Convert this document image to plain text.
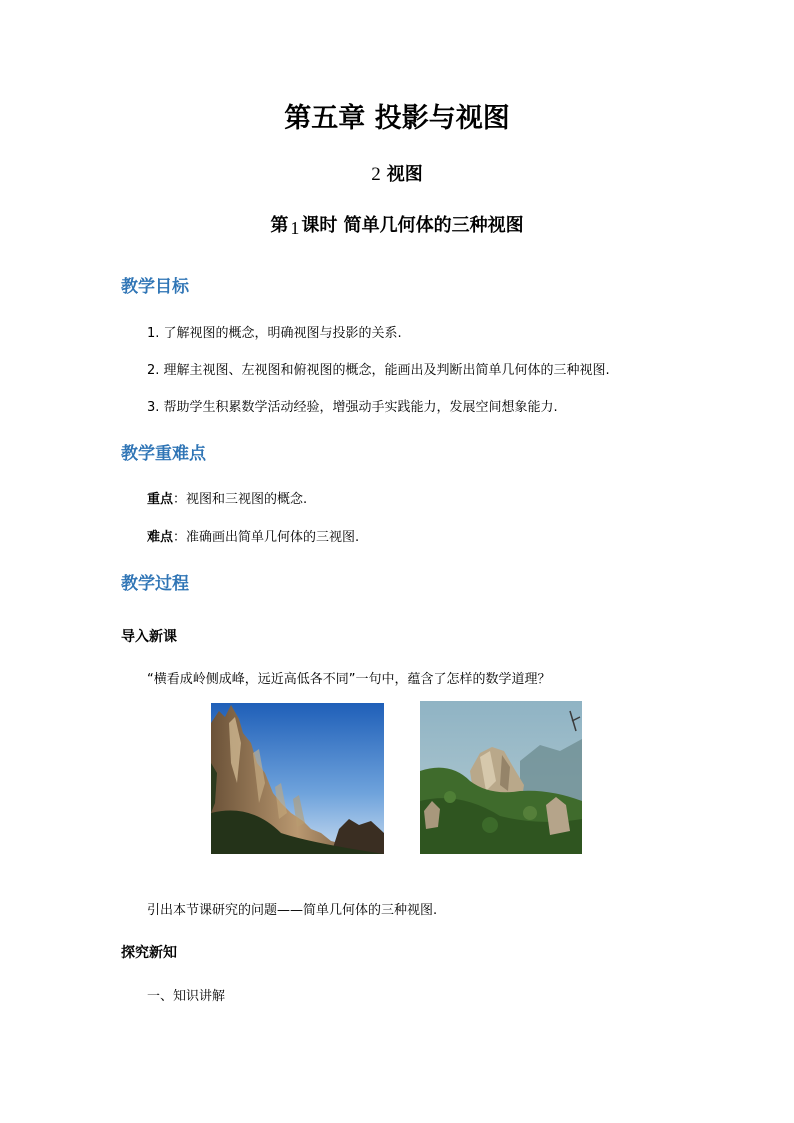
第五章 投影与视图
2 视图
第 1 课时 简单几何体的三种视图
教学目标
1. 了解视图的概念，明确视图与投影的关系.
2. 理解主视图、左视图和俯视图的概念，能画出及判断出简单几何体的三种视图.
3. 帮助学生积累数学活动经验，增强动手实践能力，发展空间想象能力.
教学重难点
重点：视图和三视图的概念.
难点：准确画出简单几何体的三视图.
教学过程
导入新课
“横看成岭侧成峰，远近高低各不同”一句中，蕴含了怎样的数学道理？
引出本节课研究的问题——简单几何体的三种视图.
探究新知
一、知识讲解
